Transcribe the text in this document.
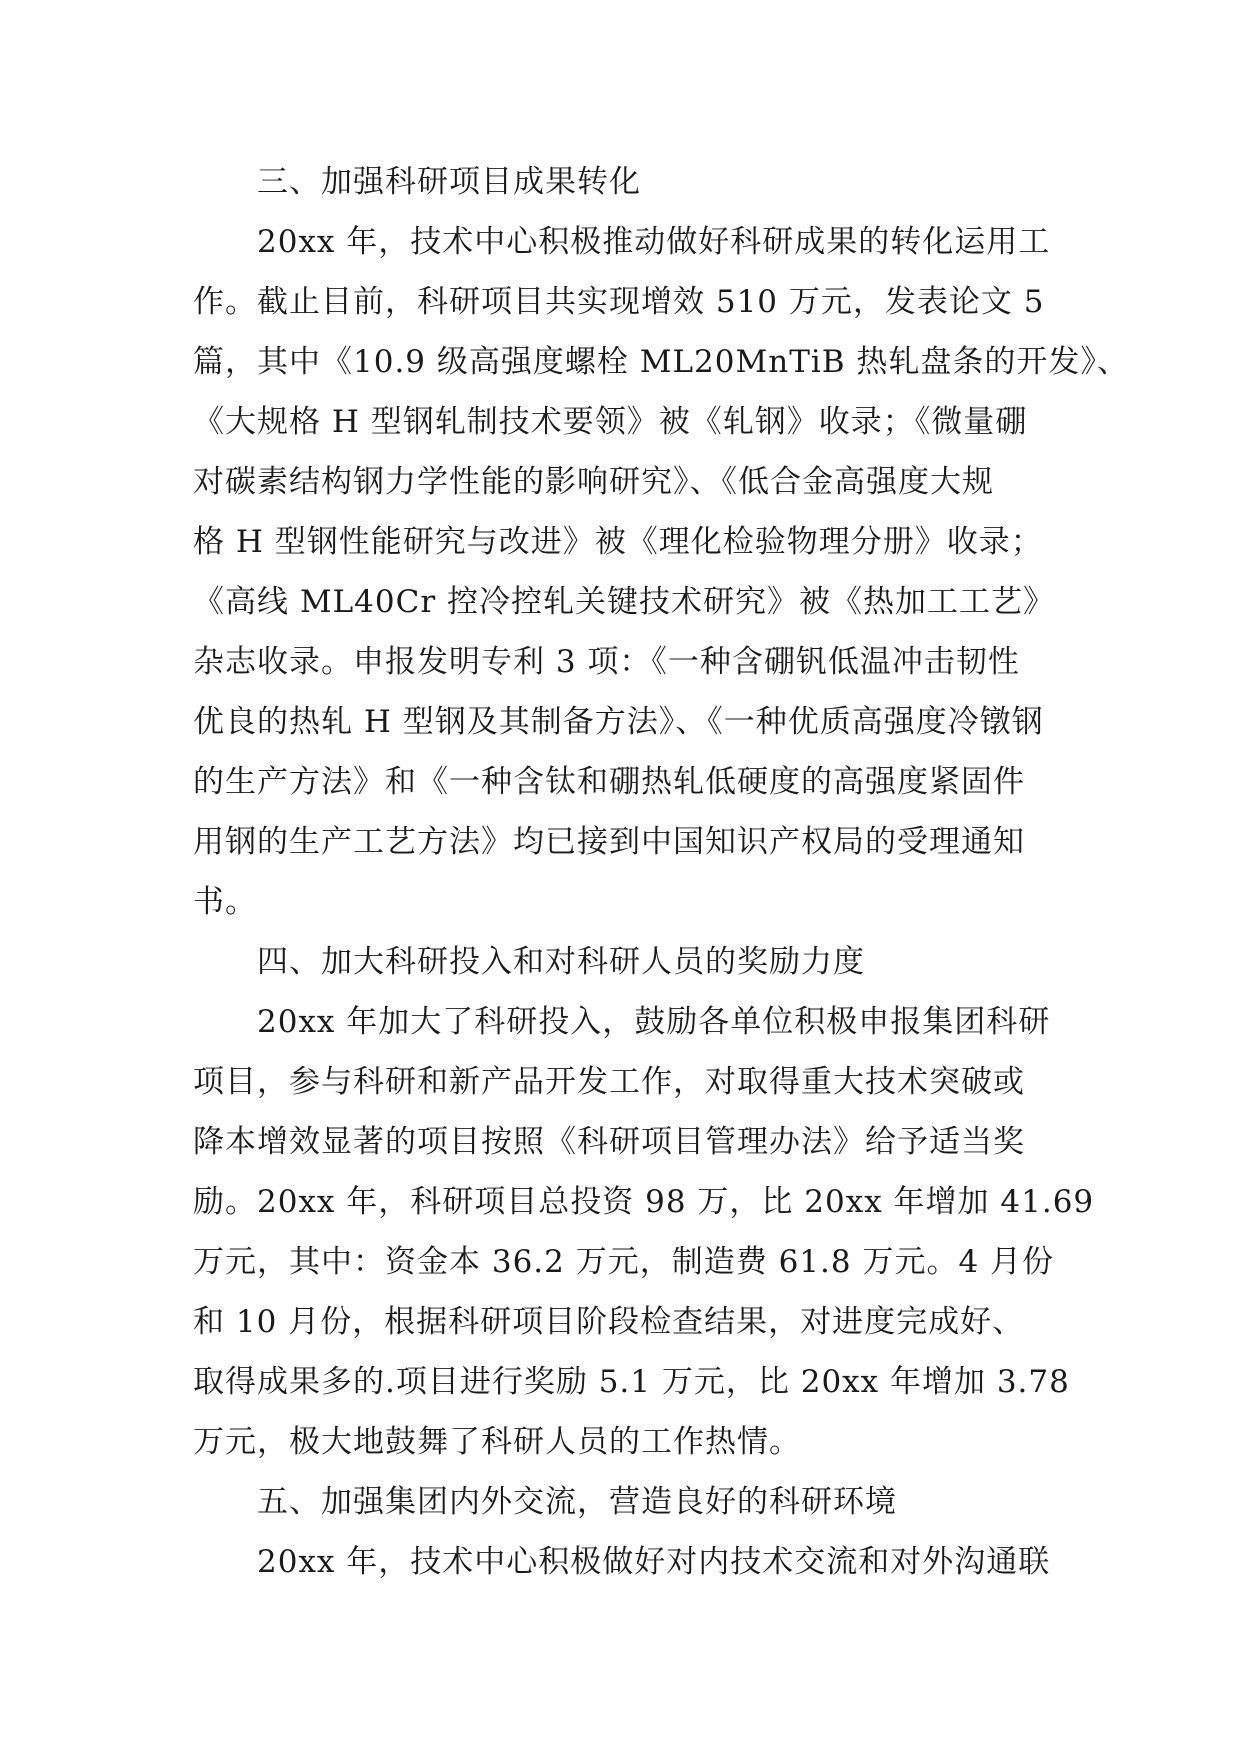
三、加强科研项目成果转化
20xx 年，技术中心积极推动做好科研成果的转化运用工
作。截止目前，科研项目共实现增效 510 万元，发表论文 5
篇，其中《10.9 级高强度螺栓 ML20MnTiB 热轧盘条的开发》、
《大规格 H 型钢轧制技术要领》被《轧钢》收录；《微量硼
对碳素结构钢力学性能的影响研究》、《低合金高强度大规
格 H 型钢性能研究与改进》被《理化检验物理分册》收录；
《高线 ML40Cr 控冷控轧关键技术研究》被《热加工工艺》
杂志收录。申报发明专利 3 项：《一种含硼钒低温冲击韧性
优良的热轧 H 型钢及其制备方法》、《一种优质高强度冷镦钢
的生产方法》和《一种含钛和硼热轧低硬度的高强度紧固件
用钢的生产工艺方法》均已接到中国知识产权局的受理通知
书。
四、加大科研投入和对科研人员的奖励力度
20xx 年加大了科研投入，鼓励各单位积极申报集团科研
项目，参与科研和新产品开发工作，对取得重大技术突破或
降本增效显著的项目按照《科研项目管理办法》给予适当奖
励。20xx 年，科研项目总投资 98 万，比 20xx 年增加 41.69
万元，其中：资金本 36.2 万元，制造费 61.8 万元。4 月份
和 10 月份，根据科研项目阶段检查结果，对进度完成好、
取得成果多的.项目进行奖励 5.1 万元，比 20xx 年增加 3.78
万元，极大地鼓舞了科研人员的工作热情。
五、加强集团内外交流，营造良好的科研环境
20xx 年，技术中心积极做好对内技术交流和对外沟通联
